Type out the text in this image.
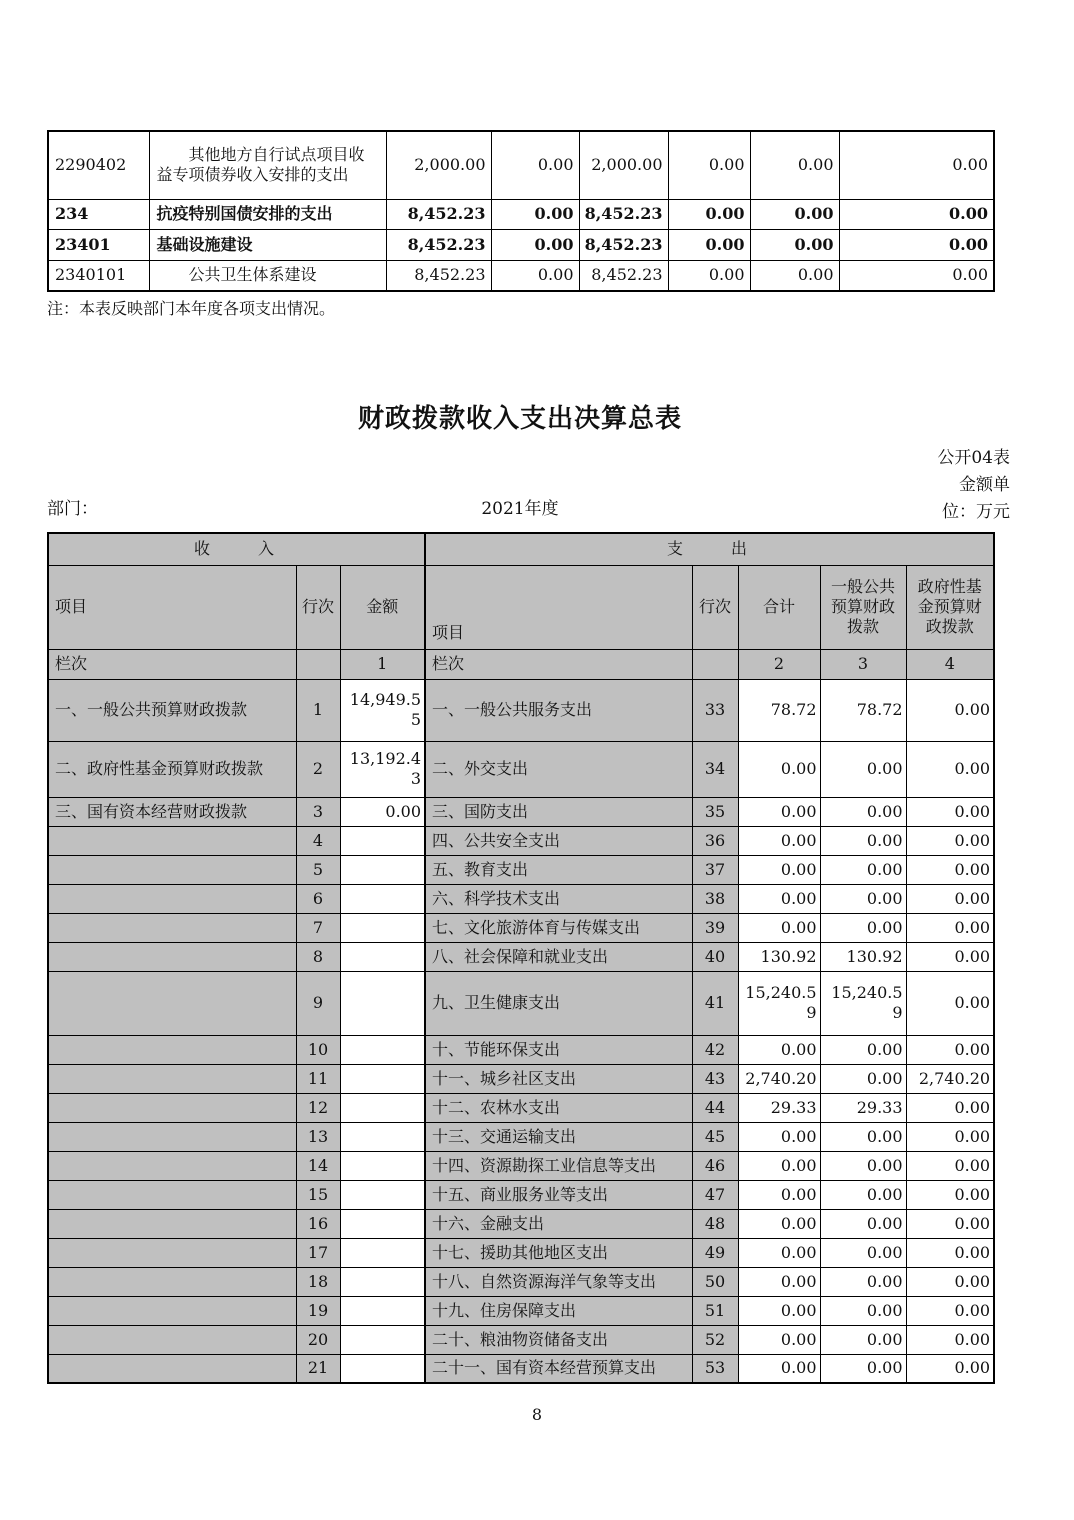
2290402	其他地方自行试点项目收益专项债券收入安排的支出	2,000.00	0.00	2,000.00	0.00	0.00	0.00
234	抗疫特别国债安排的支出	8,452.23	0.00	8,452.23	0.00	0.00	0.00
23401	基础设施建设	8,452.23	0.00	8,452.23	0.00	0.00	0.00
2340101	公共卫生体系建设	8,452.23	0.00	8,452.23	0.00	0.00	0.00
注：本表反映部门本年度各项支出情况。
财政拨款收入支出决算总表
公开04表
金额单位：万元
部门：	2021年度
收入			支出				
项目	行次	金额	项目	行次	合计	一般公共预算财政拨款	政府性基金预算财政拨款
栏次		1	栏次		2	3	4
一、一般公共预算财政拨款	1	14,949.55	一、一般公共服务支出	33	78.72	78.72	0.00
二、政府性基金预算财政拨款	2	13,192.43	二、外交支出	34	0.00	0.00	0.00
三、国有资本经营财政拨款	3	0.00	三、国防支出	35	0.00	0.00	0.00
	4		四、公共安全支出	36	0.00	0.00	0.00
	5		五、教育支出	37	0.00	0.00	0.00
	6		六、科学技术支出	38	0.00	0.00	0.00
	7		七、文化旅游体育与传媒支出	39	0.00	0.00	0.00
	8		八、社会保障和就业支出	40	130.92	130.92	0.00
	9		九、卫生健康支出	41	15,240.59	15,240.59	0.00
	10		十、节能环保支出	42	0.00	0.00	0.00
	11		十一、城乡社区支出	43	2,740.20	0.00	2,740.20
	12		十二、农林水支出	44	29.33	29.33	0.00
	13		十三、交通运输支出	45	0.00	0.00	0.00
	14		十四、资源勘探工业信息等支出	46	0.00	0.00	0.00
	15		十五、商业服务业等支出	47	0.00	0.00	0.00
	16		十六、金融支出	48	0.00	0.00	0.00
	17		十七、援助其他地区支出	49	0.00	0.00	0.00
	18		十八、自然资源海洋气象等支出	50	0.00	0.00	0.00
	19		十九、住房保障支出	51	0.00	0.00	0.00
	20		二十、粮油物资储备支出	52	0.00	0.00	0.00
	21		二十一、国有资本经营预算支出	53	0.00	0.00	0.00
8
